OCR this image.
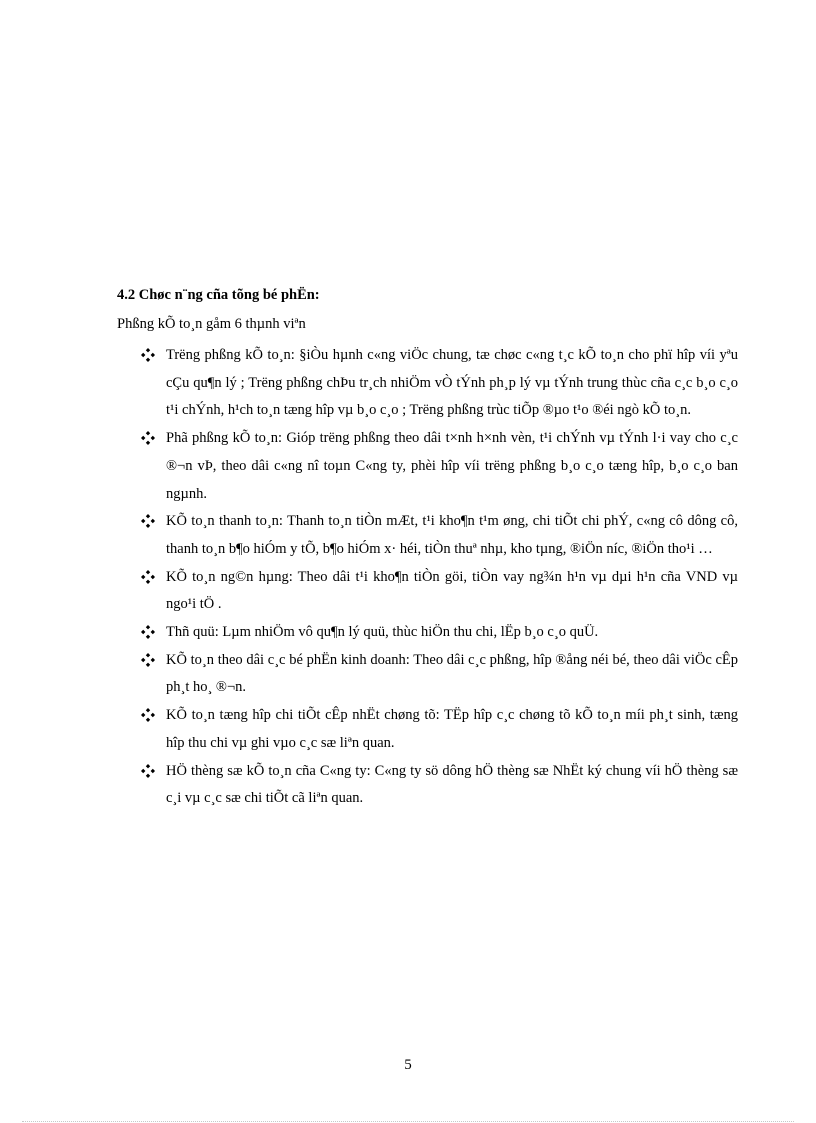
4.2 Chøc n¨ng cña tõng bé phËn:
Phßng kÕ to¸n gåm 6 thµnh viªn
Trëng phßng kÕ to¸n: §iÒu hµnh c«ng viÖc chung, tæ chøc c«ng t¸c kÕ to¸n cho phï hîp víi yªu cÇu qu¶n lý ; Trëng phßng chÞu tr¸ch nhiÖm vÒ tÝnh ph¸p lý vµ tÝnh trung thùc cña c¸c b¸o c¸o t¹i chÝnh, h¹ch to¸n tæng hîp vµ b¸o c¸o ; Trëng phßng trùc tiÕp ®µo t¹o ®éi ngò kÕ to¸n.
Phã phßng kÕ to¸n: Gióp trëng phßng theo dâi t×nh h×nh vèn, t¹i chÝnh vµ tÝnh l·i vay cho c¸c ®¬n vÞ, theo dâi c«ng nî toµn C«ng ty, phèi hîp víi trëng phßng b¸o c¸o tæng hîp, b¸o c¸o ban ngµnh.
KÕ to¸n thanh to¸n: Thanh to¸n tiÒn mÆt, t¹i kho¶n t¹m øng, chi tiÕt chi phÝ, c«ng cô dông cô, thanh to¸n b¶o hiÓm y tÕ, b¶o hiÓm x· héi, tiÒn thuª nhµ, kho tµng, ®iÖn níc, ®iÖn tho¹i …
KÕ to¸n ng©n hµng: Theo dâi t¹i kho¶n tiÒn göi, tiÒn vay ng¾n h¹n vµ dµi h¹n cña VND vµ ngo¹i tÖ .
Thñ quü: Lµm nhiÖm vô qu¶n lý quü, thùc hiÖn thu chi, lËp b¸o c¸o quÜ.
KÕ to¸n theo dâi c¸c bé phËn kinh doanh: Theo dâi c¸c phßng, hîp ®ång néi bé, theo dâi viÖc cÊp ph¸t ho¸ ®¬n.
KÕ to¸n tæng hîp chi tiÕt cÊp nhËt chøng tõ: TËp hîp c¸c chøng tõ kÕ to¸n míi ph¸t sinh, tæng hîp thu chi vµ ghi vµo c¸c sæ liªn quan.
HÖ thèng sæ kÕ to¸n cña C«ng ty: C«ng ty sö dông hÖ thèng sæ NhËt ký chung víi hÖ thèng sæ c¸i vµ c¸c sæ chi tiÕt cã liªn quan.
5
